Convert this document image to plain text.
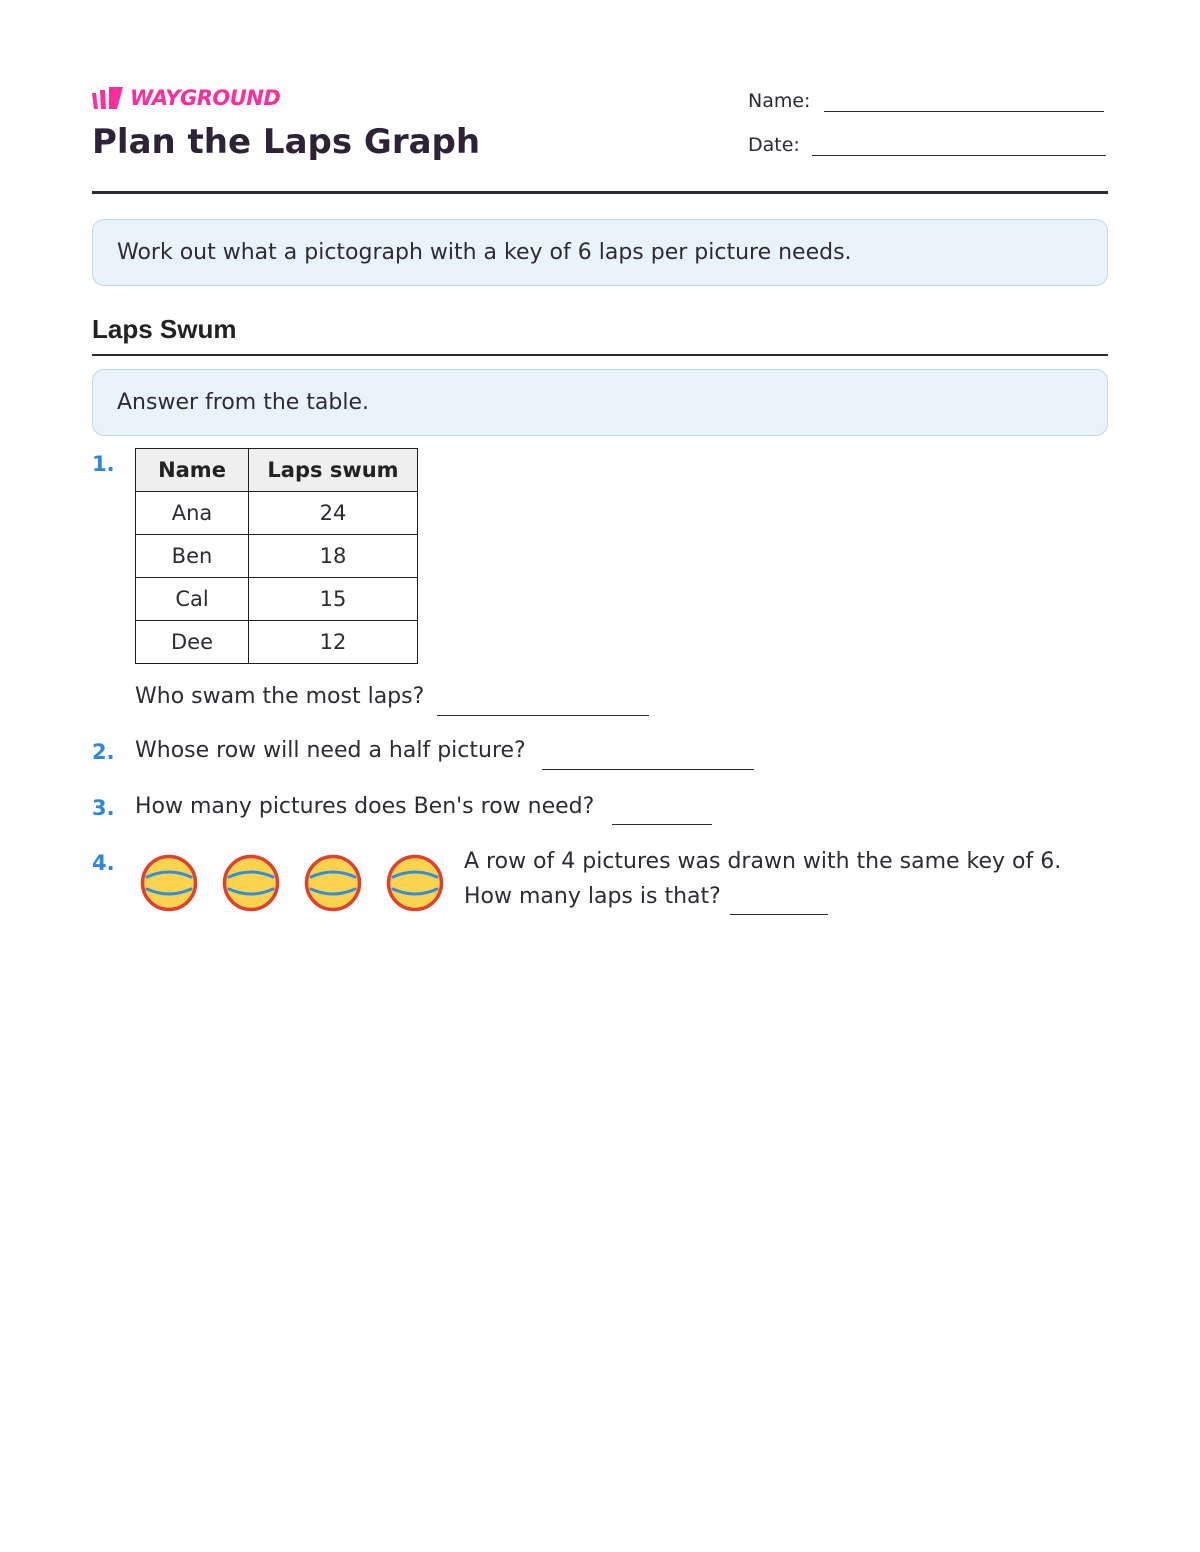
WAYGROUND
Plan the Laps Graph
Name:
Date:
Work out what a pictograph with a key of 6 laps per picture needs.
Laps Swum
Answer from the table.
1. Name	Laps swum
Ana	24
Ben	18
Cal	15
Dee	12
Who swam the most laps?
2. Whose row will need a half picture?
3. How many pictures does Ben's row need?
4.	A row of 4 pictures was drawn with the same key of 6.
How many laps is that?
